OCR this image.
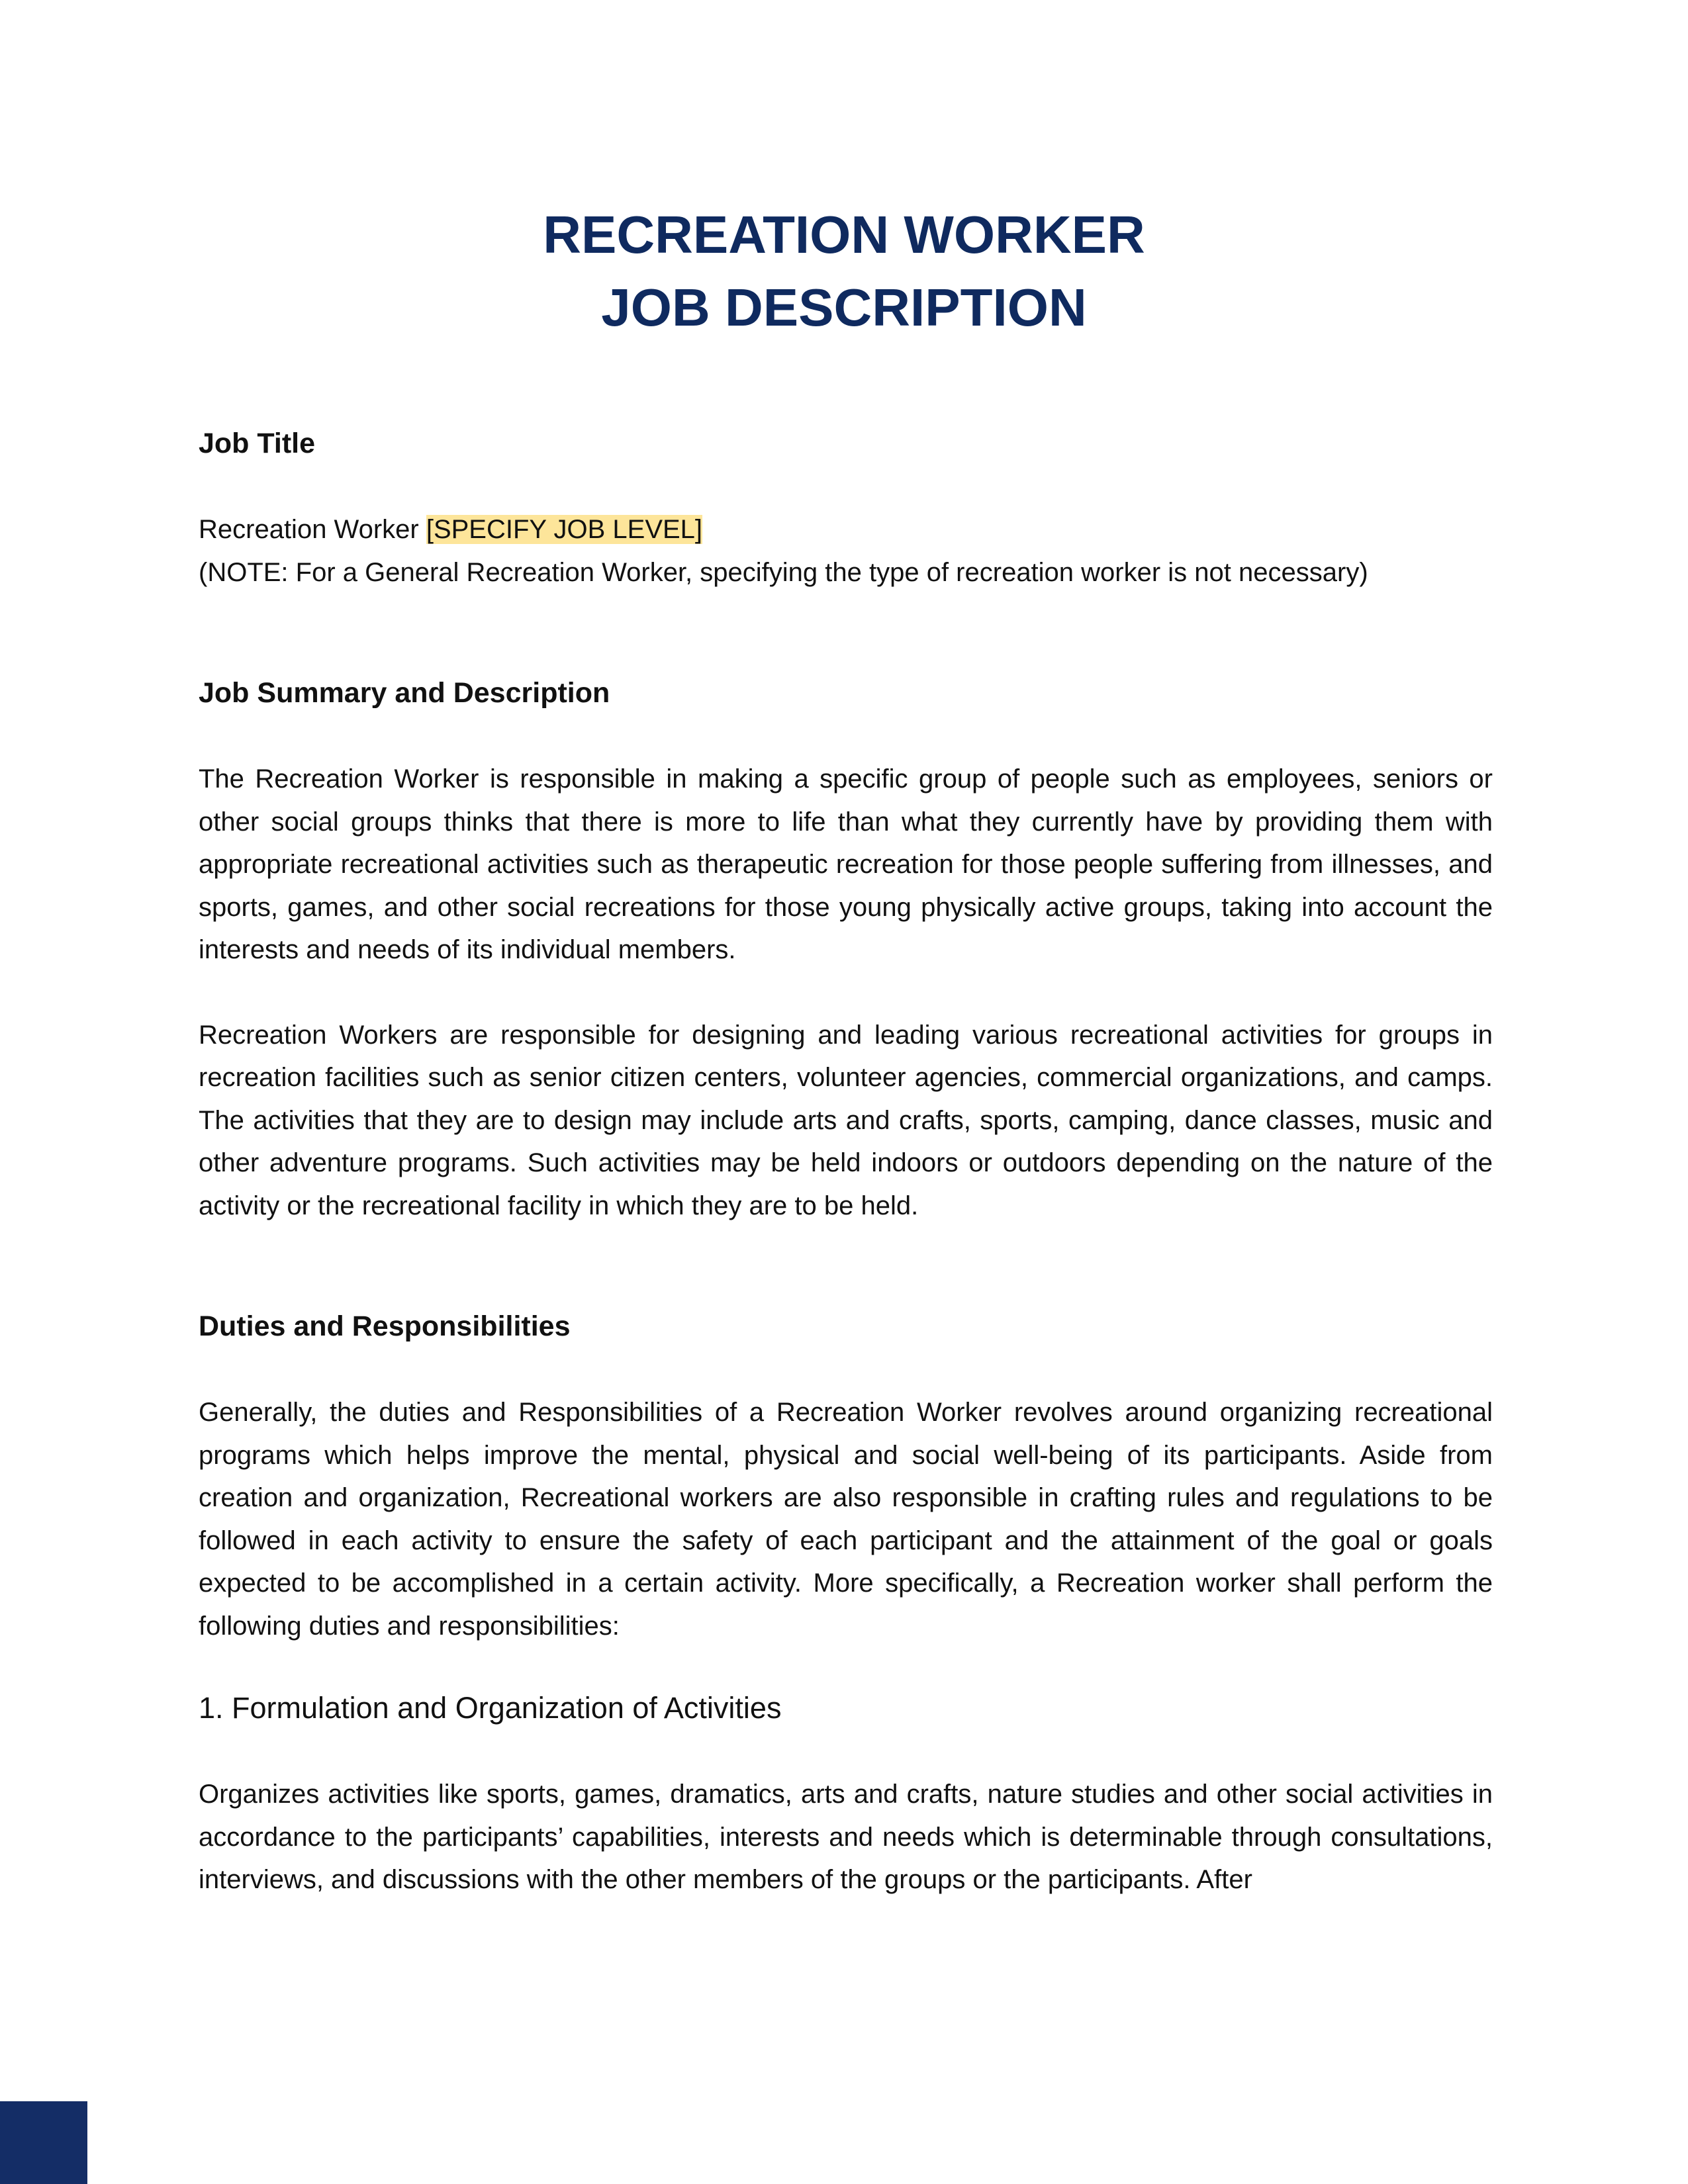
RECREATION WORKER
JOB DESCRIPTION

Job Title

Recreation Worker [SPECIFY JOB LEVEL]

(NOTE: For a General Recreation Worker, specifying the type of recreation worker is not necessary)

Job Summary and Description

The Recreation Worker is responsible in making a specific group of people such as employees, seniors or other social groups thinks that there is more to life than what they currently have by providing them with appropriate recreational activities such as therapeutic recreation for those people suffering from illnesses, and sports, games, and other social recreations for those young physically active groups, taking into account the interests and needs of its individual members.

Recreation Workers are responsible for designing and leading various recreational activities for groups in recreation facilities such as senior citizen centers, volunteer agencies, commercial organizations, and camps. The activities that they are to design may include arts and crafts, sports, camping, dance classes, music and other adventure programs. Such activities may be held indoors or outdoors depending on the nature of the activity or the recreational facility in which they are to be held.

Duties and Responsibilities

Generally, the duties and Responsibilities of a Recreation Worker revolves around organizing recreational programs which helps improve the mental, physical and social well-being of its participants. Aside from creation and organization, Recreational workers are also responsible in crafting rules and regulations to be followed in each activity to ensure the safety of each participant and the attainment of the goal or goals expected to be accomplished in a certain activity. More specifically, a Recreation worker shall perform the following duties and responsibilities:

1. Formulation and Organization of Activities

Organizes activities like sports, games, dramatics, arts and crafts, nature studies and other social activities in accordance to the participants’ capabilities, interests and needs which is determinable through consultations, interviews, and discussions with the other members of the groups or the participants. After
